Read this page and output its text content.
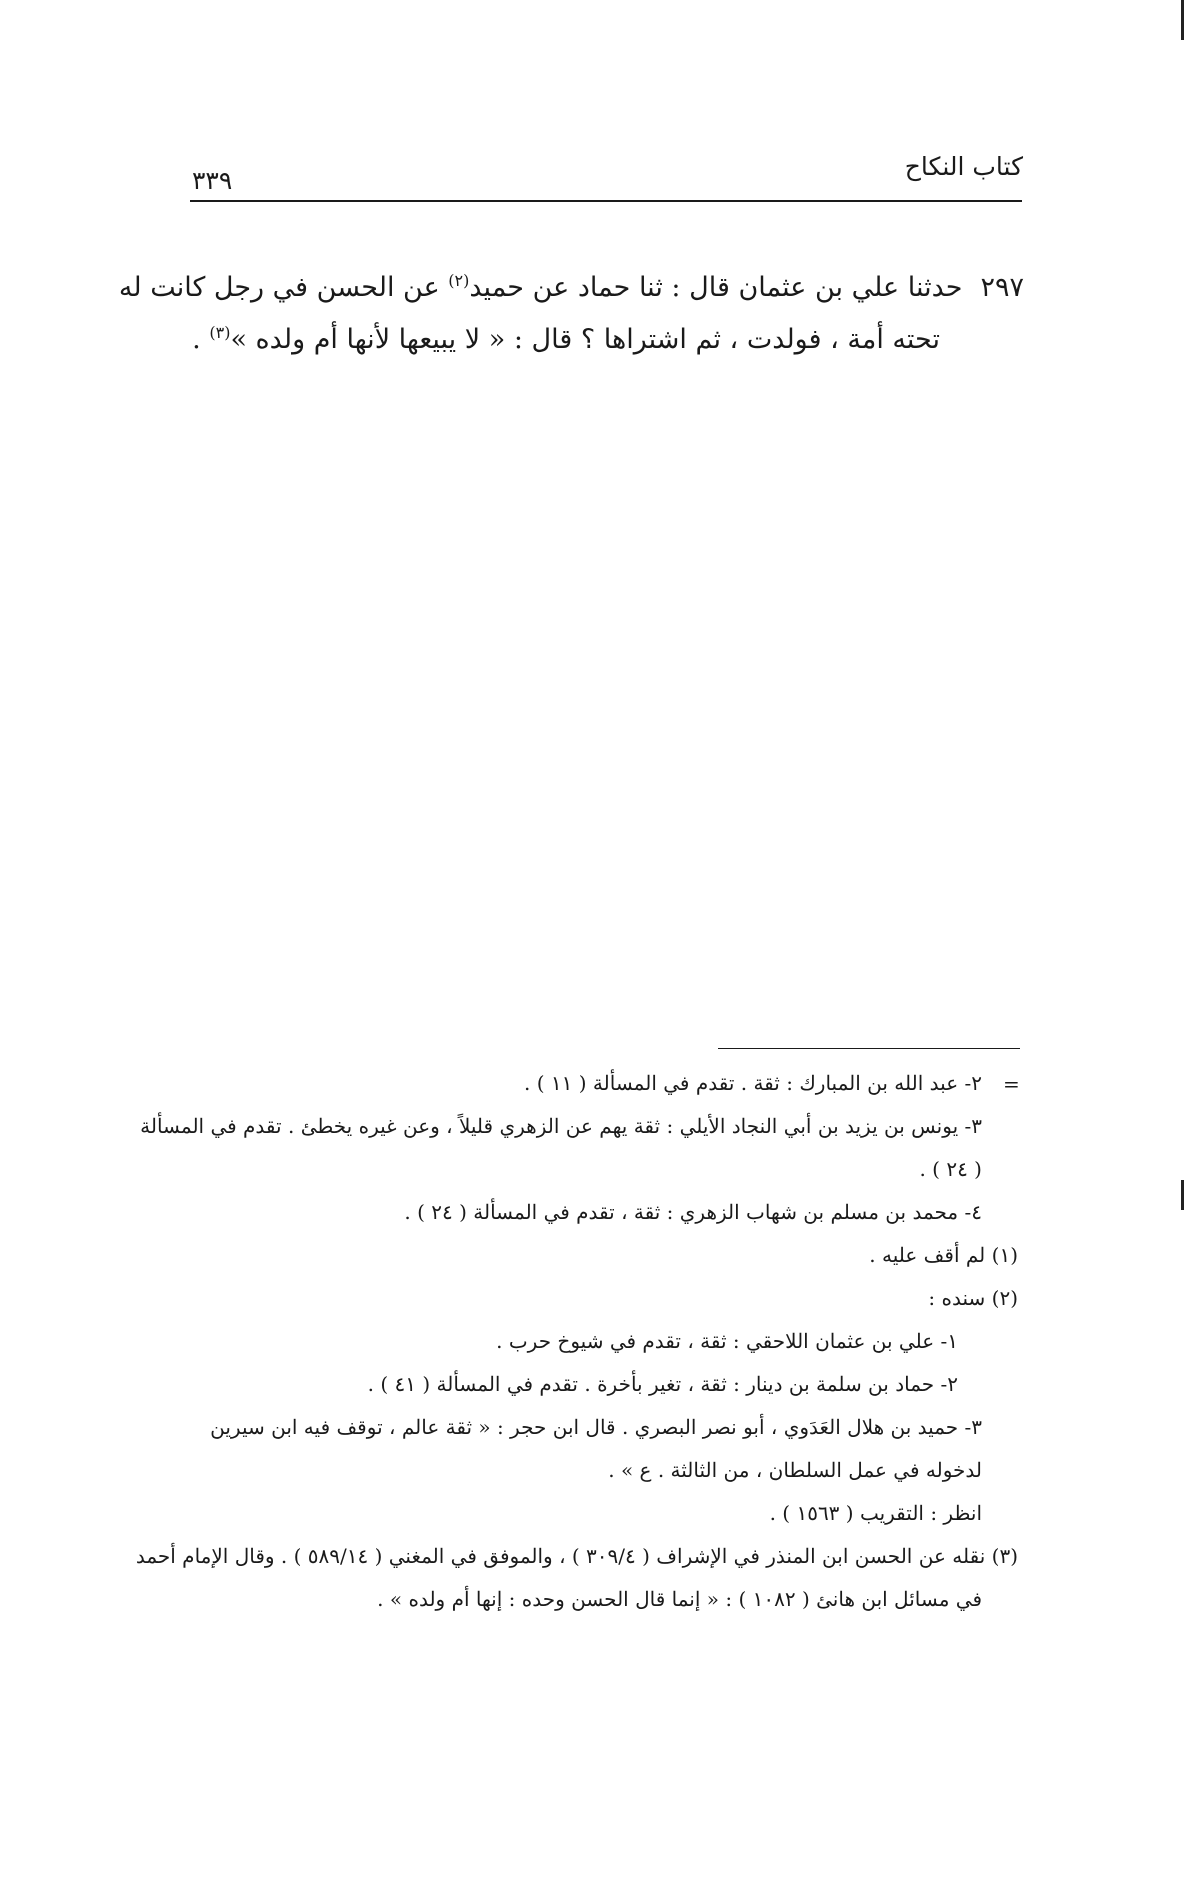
كتاب النكاح
٣٣٩
٢٩٧حدثنا علي بن عثمان قال : ثنا حماد عن حميد$^{(٢)}$ عن الحسن في رجل كانت له
تحته أمة ، فولدت ، ثم اشتراها ؟ قال : « لا يبيعها لأنها أم ولده »$^{(٣)}$ .
=
٢- عبد الله بن المبارك : ثقة . تقدم في المسألة ( ١١ ) .
٣- يونس بن يزيد بن أبي النجاد الأيلي : ثقة يهم عن الزهري قليلاً ، وعن غيره يخطئ . تقدم في المسألة
( ٢٤ ) .
٤- محمد بن مسلم بن شهاب الزهري : ثقة ، تقدم في المسألة ( ٢٤ ) .
(١) لم أقف عليه .
(٢) سنده :
١- علي بن عثمان اللاحقي : ثقة ، تقدم في شيوخ حرب .
٢- حماد بن سلمة بن دينار : ثقة ، تغير بأخرة . تقدم في المسألة ( ٤١ ) .
٣- حميد بن هلال العَدَوي ، أبو نصر البصري . قال ابن حجر : « ثقة عالم ، توقف فيه ابن سيرين
لدخوله في عمل السلطان ، من الثالثة . ع » .
انظر : التقريب ( ١٥٦٣ ) .
(٣) نقله عن الحسن ابن المنذر في الإشراف ( ٣٠٩/٤ ) ، والموفق في المغني ( ٥٨٩/١٤ ) . وقال الإمام أحمد
في مسائل ابن هانئ ( ١٠٨٢ ) : « إنما قال الحسن وحده : إنها أم ولده » .
